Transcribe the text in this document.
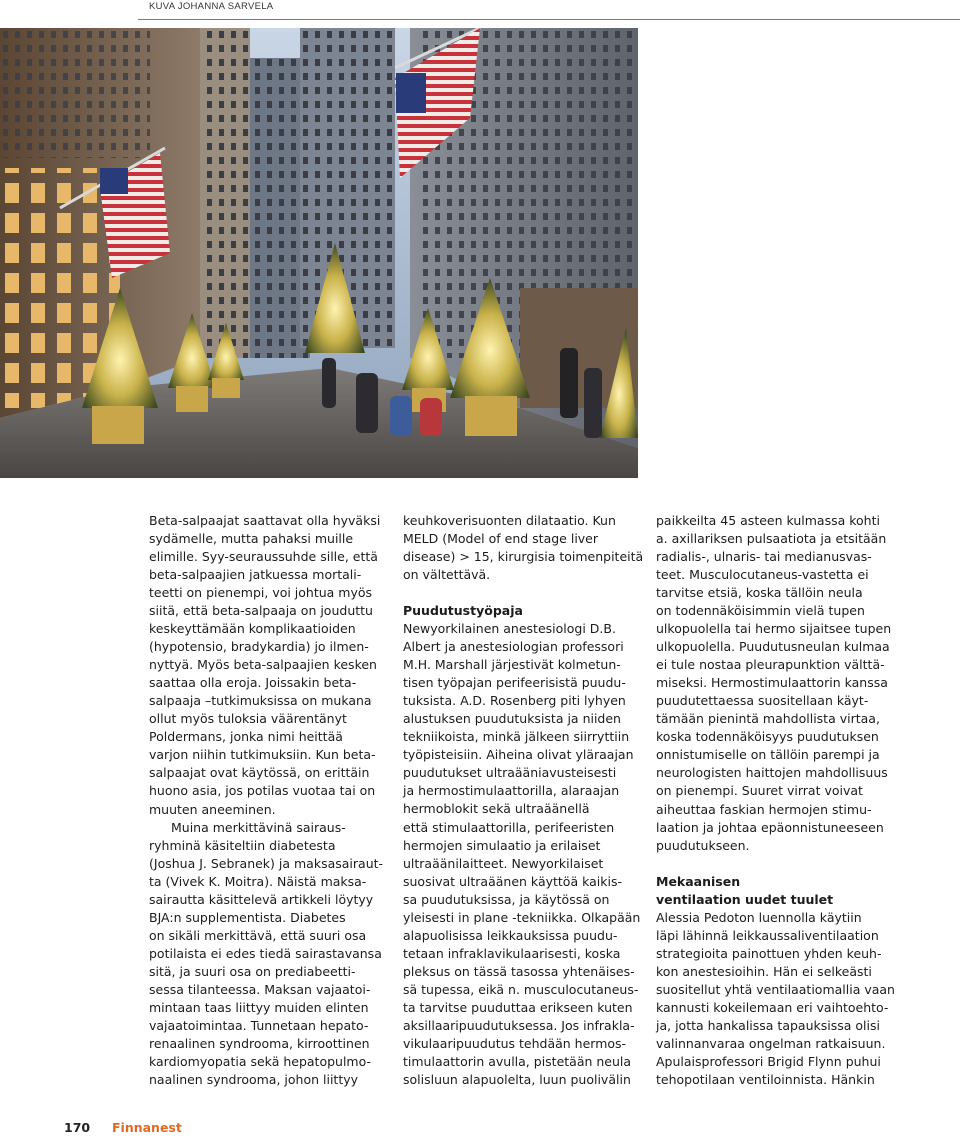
KUVA JOHANNA SARVELA

Beta-salpaajat saattavat olla hyväksi

sydämelle, mutta pahaksi muille

elimille. Syy-seuraussuhde sille, että

beta-salpaajien jatkuessa mortali-

teetti on pienempi, voi johtua myös

siitä, että beta-salpaaja on jouduttu

keskeyttämään komplikaatioiden

(hypotensio, bradykardia) jo ilmen-

nyttyä. Myös beta-salpaajien kesken

saattaa olla eroja. Joissakin beta-

salpaaja –tutkimuksissa on mukana

ollut myös tuloksia väärentänyt

Poldermans, jonka nimi heittää

varjon niihin tutkimuksiin. Kun beta-

salpaajat ovat käytössä, on erittäin

huono asia, jos potilas vuotaa tai on

muuten aneeminen.

Muina merkittävinä sairaus-

ryhminä käsiteltiin diabetesta

(Joshua J. Sebranek) ja maksasairaut-

ta (Vivek K. Moitra). Näistä maksa-

sairautta käsittelevä artikkeli löytyy

BJA:n supplementista. Diabetes

on sikäli merkittävä, että suuri osa

potilaista ei edes tiedä sairastavansa

sitä, ja suuri osa on prediabeetti-

sessa tilanteessa. Maksan vajaatoi-

mintaan taas liittyy muiden elinten

vajaatoimintaa. Tunnetaan hepato-

renaalinen syndrooma, kirroottinen

kardiomyopatia sekä hepatopulmo-

naalinen syndrooma, johon liittyy

keuhkoverisuonten dilataatio. Kun

MELD (Model of end stage liver

disease) > 15, kirurgisia toimenpiteitä

on vältettävä.

Puudutustyöpaja

Newyorkilainen anestesiologi D.B.

Albert ja anestesiologian professori

M.H. Marshall järjestivät kolmetun-

tisen työpajan perifeerisistä puudu-

tuksista. A.D. Rosenberg piti lyhyen

alustuksen puudutuksista ja niiden

tekniikoista, minkä jälkeen siirryttiin

työpisteisiin. Aiheina olivat yläraajan

puudutukset ultraääniavusteisesti

ja hermostimulaattorilla, alaraajan

hermoblokit sekä ultraäänellä

että stimulaattorilla, perifeeristen

hermojen simulaatio ja erilaiset

ultraäänilaitteet. Newyorkilaiset

suosivat ultraäänen käyttöä kaikis-

sa puudutuksissa, ja käytössä on

yleisesti in plane -tekniikka. Olkapään

alapuolisissa leikkauksissa puudu-

tetaan infraklavikulaarisesti, koska

pleksus on tässä tasossa yhtenäises-

sä tupessa, eikä n. musculocutaneus-

ta tarvitse puuduttaa erikseen kuten

aksillaaripuudutuksessa. Jos infrakla-

vikulaaripuudutus tehdään hermos-

timulaattorin avulla, pistetään neula

solisluun alapuolelta, luun puolivälin

paikkeilta 45 asteen kulmassa kohti

a. axillariksen pulsaatiota ja etsitään

radialis-, ulnaris- tai medianusvas-

teet. Musculocutaneus-vastetta ei

tarvitse etsiä, koska tällöin neula

on todennäköisimmin vielä tupen

ulkopuolella tai hermo sijaitsee tupen

ulkopuolella. Puudutusneulan kulmaa

ei tule nostaa pleurapunktion välttä-

miseksi. Hermostimulaattorin kanssa

puudutettaessa suositellaan käyt-

tämään pienintä mahdollista virtaa,

koska todennäköisyys puudutuksen

onnistumiselle on tällöin parempi ja

neurologisten haittojen mahdollisuus

on pienempi. Suuret virrat voivat

aiheuttaa faskian hermojen stimu-

laation ja johtaa epäonnistuneeseen

puudutukseen.

Mekaanisen
ventilaation uudet tuulet

Alessia Pedoton luennolla käytiin

läpi lähinnä leikkaussaliventilaation

strategioita painottuen yhden keuh-

kon anestesioihin. Hän ei selkeästi

suositellut yhtä ventilaatiomallia vaan

kannusti kokeilemaan eri vaihtoehto-

ja, jotta hankalissa tapauksissa olisi

valinnanvaraa ongelman ratkaisuun.

Apulaisprofessori Brigid Flynn puhui

tehopotilaan ventiloinnista. Hänkin

170 Finnanest
